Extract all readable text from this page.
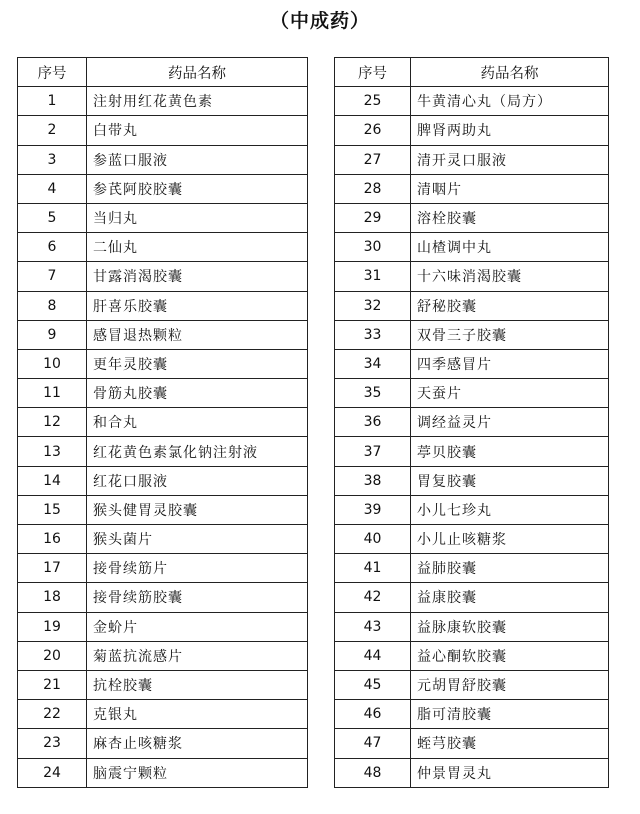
（中成药）
序号	药品名称
1	注射用红花黄色素
2	白带丸
3	参蓝口服液
4	参芪阿胶胶囊
5	当归丸
6	二仙丸
7	甘露消渴胶囊
8	肝喜乐胶囊
9	感冒退热颗粒
10	更年灵胶囊
11	骨筋丸胶囊
12	和合丸
13	红花黄色素氯化钠注射液
14	红花口服液
15	猴头健胃灵胶囊
16	猴头菌片
17	接骨续筋片
18	接骨续筋胶囊
19	金蚧片
20	菊蓝抗流感片
21	抗栓胶囊
22	克银丸
23	麻杏止咳糖浆
24	脑震宁颗粒
序号	药品名称
25	牛黄清心丸（局方）
26	脾肾两助丸
27	清开灵口服液
28	清咽片
29	溶栓胶囊
30	山楂调中丸
31	十六味消渴胶囊
32	舒秘胶囊
33	双骨三子胶囊
34	四季感冒片
35	天蚕片
36	调经益灵片
37	葶贝胶囊
38	胃复胶囊
39	小儿七珍丸
40	小儿止咳糖浆
41	益肺胶囊
42	益康胶囊
43	益脉康软胶囊
44	益心酮软胶囊
45	元胡胃舒胶囊
46	脂可清胶囊
47	蛭芎胶囊
48	仲景胃灵丸
